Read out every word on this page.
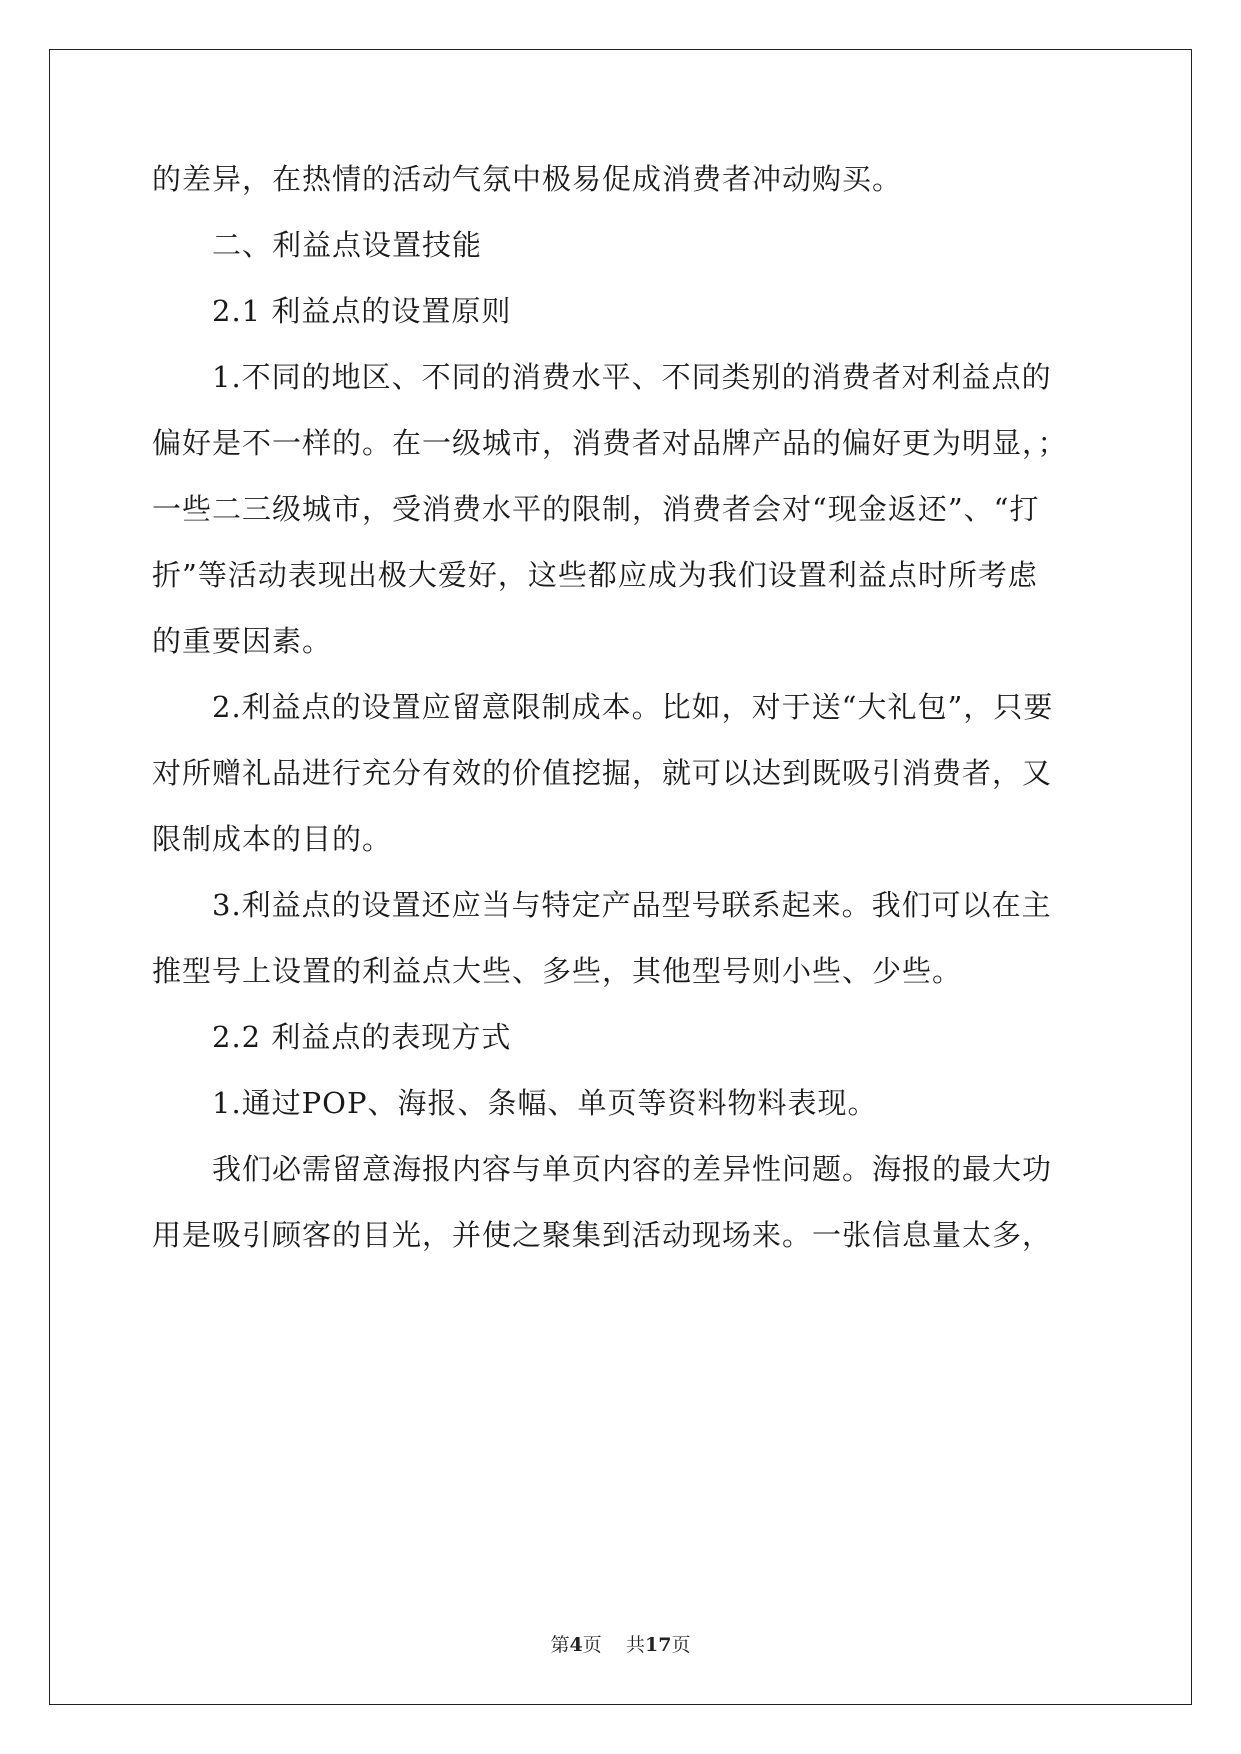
的差异，在热情的活动气氛中极易促成消费者冲动购买。
二、利益点设置技能
2.1 利益点的设置原则
1.不同的地区、不同的消费水平、不同类别的消费者对利益点的
偏好是不一样的。在一级城市，消费者对品牌产品的偏好更为明显，；
一些二三级城市，受消费水平的限制，消费者会对“现金返还”、“打
折”等活动表现出极大爱好，这些都应成为我们设置利益点时所考虑
的重要因素。
2.利益点的设置应留意限制成本。比如，对于送“大礼包”，只要
对所赠礼品进行充分有效的价值挖掘，就可以达到既吸引消费者，又
限制成本的目的。
3.利益点的设置还应当与特定产品型号联系起来。我们可以在主
推型号上设置的利益点大些、多些，其他型号则小些、少些。
2.2 利益点的表现方式
1.通过POP、海报、条幅、单页等资料物料表现。
我们必需留意海报内容与单页内容的差异性问题。海报的最大功
用是吸引顾客的目光，并使之聚集到活动现场来。一张信息量太多，
第4页 共17页
